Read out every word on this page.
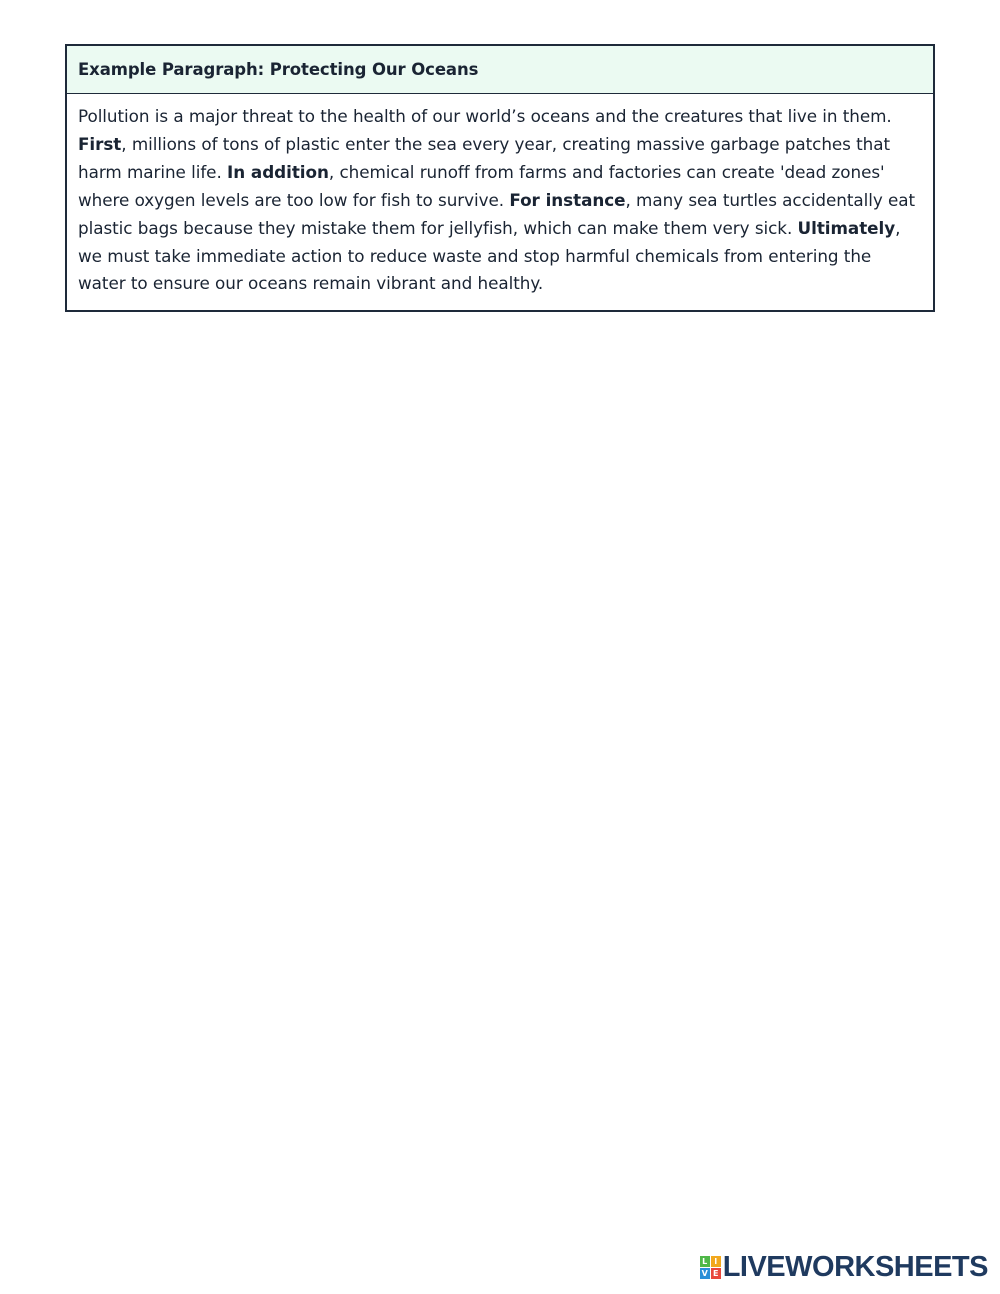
Example Paragraph: Protecting Our Oceans
Pollution is a major threat to the health of our world’s oceans and the creatures that live in them. First, millions of tons of plastic enter the sea every year, creating massive garbage patches that harm marine life. In addition, chemical runoff from farms and factories can create 'dead zones' where oxygen levels are too low for fish to survive. For instance, many sea turtles accidentally eat plastic bags because they mistake them for jellyfish, which can make them very sick. Ultimately, we must take immediate action to reduce waste and stop harmful chemicals from entering the water to ensure our oceans remain vibrant and healthy.
L I
V E LIVEWORKSHEETS
